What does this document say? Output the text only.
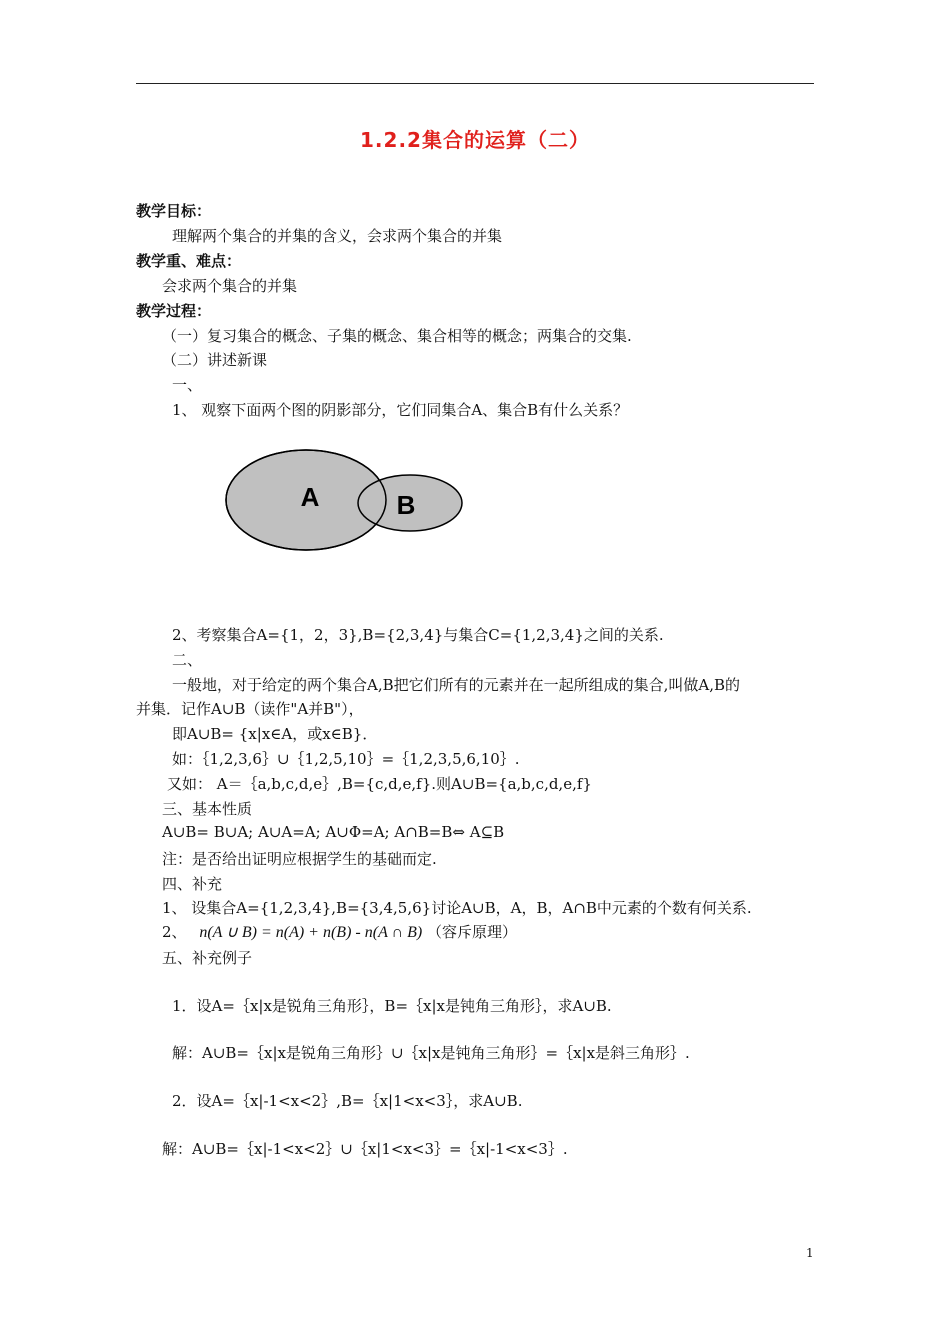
1.2.2集合的运算（二）
教学目标：
理解两个集合的并集的含义，会求两个集合的并集
教学重、难点：
会求两个集合的并集
教学过程：
（一）复习集合的概念、子集的概念、集合相等的概念；两集合的交集.
（二）讲述新课
一、
1、 观察下面两个图的阴影部分，它们同集合A、集合B有什么关系？
A	B
2、考察集合A={1，2，3},B={2,3,4}与集合C={1,2,3,4}之间的关系.
二、
一般地，对于给定的两个集合A,B把它们所有的元素并在一起所组成的集合,叫做A,B的
并集．记作A∪B（读作"A并B"），
即A∪B= {x|x∈A，或x∈B}．
如：｛1,2,3,6｝∪｛1,2,5,10｝=｛1,2,3,5,6,10｝.
又如： A＝｛a,b,c,d,e｝,B={c,d,e,f}.则A∪B={a,b,c,d,e,f}
三、基本性质
A∪B= B∪A; A∪A=A; A∪Φ=A; A∩B=B⇔ A⊆B
注：是否给出证明应根据学生的基础而定.
四、补充
1、 设集合A={1,2,3,4},B={3,4,5,6}讨论A∪B，A，B，A∩B中元素的个数有何关系.
2、 n(A ∪ B) = n(A) + n(B) - n(A ∩ B) （容斥原理）
五、补充例子
1．设A=｛x|x是锐角三角形｝，B=｛x|x是钝角三角形｝，求A∪B.
解：A∪B=｛x|x是锐角三角形｝∪｛x|x是钝角三角形｝=｛x|x是斜三角形｝.
2．设A=｛x|-1<x<2｝,B=｛x|1<x<3｝，求A∪B.
解：A∪B=｛x|-1<x<2｝∪｛x|1<x<3｝=｛x|-1<x<3｝.
1
